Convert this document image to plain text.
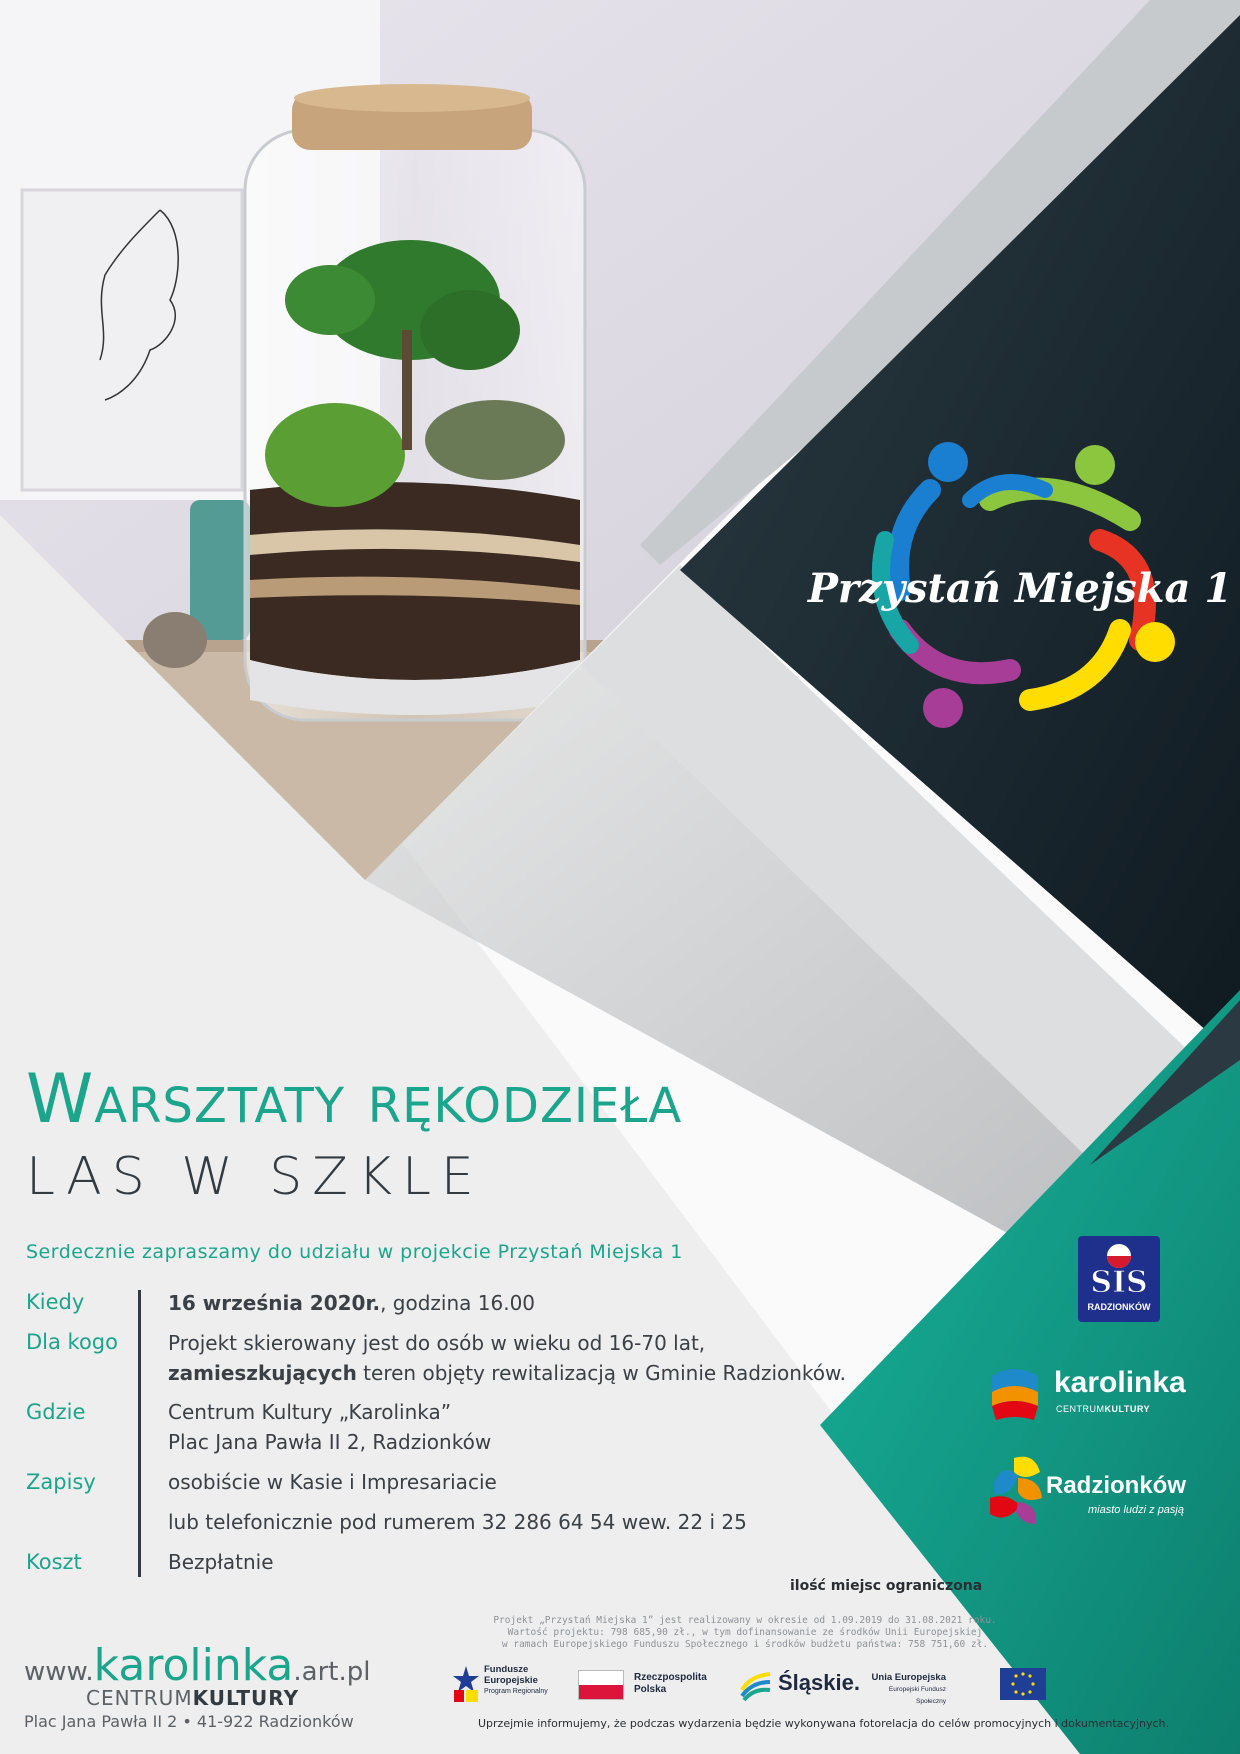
Przystań Miejska 1
Warsztaty rękodzieła
LAS W SZKLE
Serdecznie zapraszamy do udziału w projekcie Przystań Miejska 1
Kiedy	16 września 2020r., godzina 16.00
Dla kogo	Projekt skierowany jest do osób w wieku od 16-70 lat,
zamieszkujących teren objęty rewitalizacją w Gminie Radzionków.
Gdzie	Centrum Kultury „Karolinka”
Plac Jana Pawła II 2, Radzionków
Zapisy	osobiście w Kasie i Impresariacie
lub telefonicznie pod rumerem 32 286 64 54 wew. 22 i 25
Koszt	Bezpłatnie
ilość miejsc ograniczona
SIS
RADZIONKÓW
karolinka
CENTRUMKULTURY
Radzionków
miasto ludzi z pasją
Projekt „Przystań Miejska 1” jest realizowany w okresie od 1.09.2019 do 31.08.2021 roku.
Wartość projektu: 798 685,90 zł., w tym dofinansowanie ze środków Unii Europejskiej
w ramach Europejskiego Funduszu Społecznego i środków budżetu państwa: 758 751,60 zł.
Fundusze
Europejskie
Program Regionalny
Rzeczpospolita
Polska	Śląskie.	Unia Europejska
Europejski Fundusz Społeczny
Uprzejmie informujemy, że podczas wydarzenia będzie wykonywana fotorelacja do celów promocyjnych i dokumentacyjnych.
www.karolinka.art.pl
CENTRUMKULTURY
Plac Jana Pawła II 2 • 41-922 Radzionków
